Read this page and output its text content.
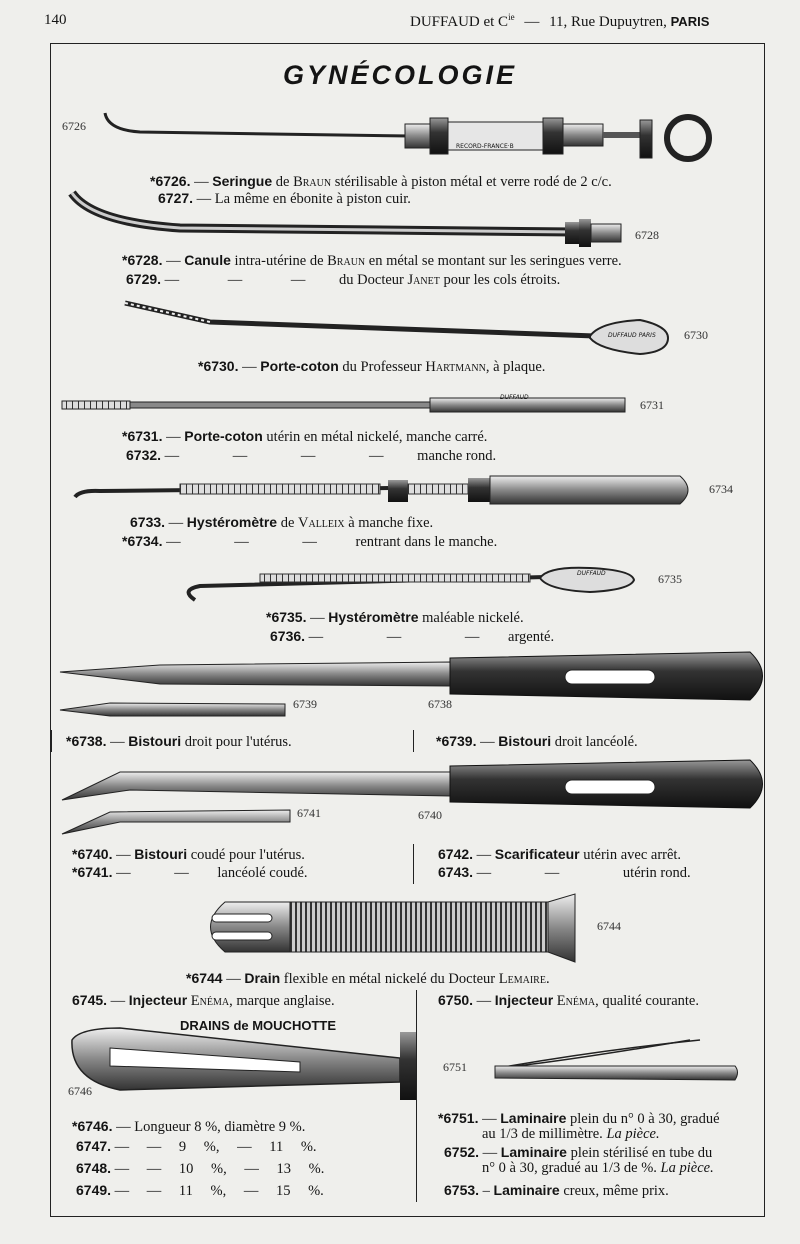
140	DUFFAUD et $C^{ie}$ — 11, Rue Dupuytren, PARIS
GYNÉCOLOGIE
RECORD-FRANCE·B
DUFFAUD PARIS
DUFFAUD
DUFFAUD
6726
6728
6730
6731
6734
6735
6739	6738
6741	6740
6744
6746
6751
*6726. — Seringue de Braun stérilisable à piston métal et verre rodé de 2 c/c.
6727. — La même en ébonite à piston cuir.
*6728. — Canule intra-utérine de Braun en métal se montant sur les seringues verre.
6729. — — — du Docteur Janet pour les cols étroits.
*6730. — Porte-coton du Professeur Hartmann, à plaque.
*6731. — Porte-coton utérin en métal nickelé, manche carré.
6732. — — — — manche rond.
6733. — Hystéromètre de Valleix à manche fixe.
*6734. — — —	rentrant dans le manche.
*6735. — Hystéromètre maléable nickelé.
6736. — — — argenté.
*6738. — Bistouri droit pour l'utérus.	*6739. — Bistouri droit lancéolé.
*6740. — Bistouri coudé pour l'utérus.
*6741. — — lancéolé coudé.
6742. — Scarificateur utérin avec arrêt.
6743. — —	utérin rond.
*6744 — Drain flexible en métal nickelé du Docteur Lemaire.
6745. — Injecteur Enéma, marque anglaise.	6750. — Injecteur Enéma, qualité courante.
DRAINS de MOUCHOTTE
*6746. — Longueur 8 %, diamètre 9 %.
6747. — — 9 %, — 11 %.
6748. — — 10 %, — 13 %.
6749. — — 11 %, — 15 %.
*6751. — Laminaire plein du n° 0 à 30, gradué
au 1/3 de millimètre. La pièce.
6752. — Laminaire plein stérilisé en tube du
n° 0 à 30, gradué au 1/3 de %. La pièce.
6753. – Laminaire creux, même prix.
